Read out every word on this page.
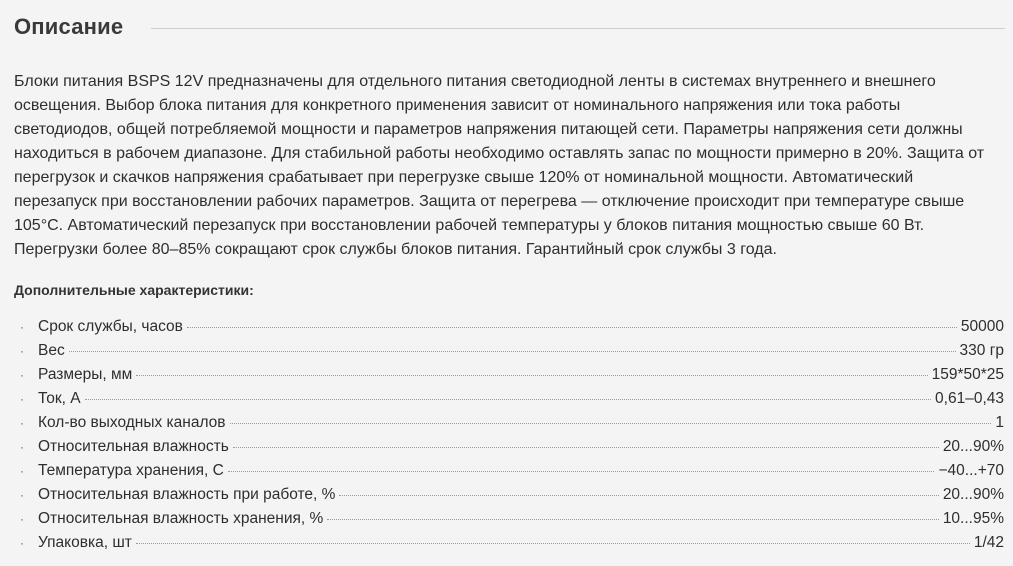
Описание

Блоки питания BSPS 12V предназначены для отдельного питания светодиодной ленты в системах внутреннего и внешнего освещения. Выбор блока питания для конкретного применения зависит от номинального напряжения или тока работы светодиодов, общей потребляемой мощности и параметров напряжения питающей сети. Параметры напряжения сети должны находиться в рабочем диапазоне. Для стабильной работы необходимо оставлять запас по мощности примерно в 20%. Защита от перегрузок и скачков напряжения срабатывает при перегрузке свыше 120% от номинальной мощности. Автоматический перезапуск при восстановлении рабочих параметров. Защита от перегрева — отключение происходит при температуре свыше 105°C. Автоматический перезапуск при восстановлении рабочей температуры у блоков питания мощностью свыше 60 Вт. Перегрузки более 80–85% сокращают срок службы блоков питания. Гарантийный срок службы 3 года.

Дополнительные характеристики:
· Срок службы, часов	50000
· Вес	330 гр
· Размеры, мм	159*50*25
· Ток, А	0,61–0,43
· Кол-во выходных каналов	1
· Относительная влажность	20...90%
· Температура хранения, С	−40...+70
· Относительная влажность при работе, %	20...90%
· Относительная влажность хранения, %	10...95%
· Упаковка, шт	1/42
